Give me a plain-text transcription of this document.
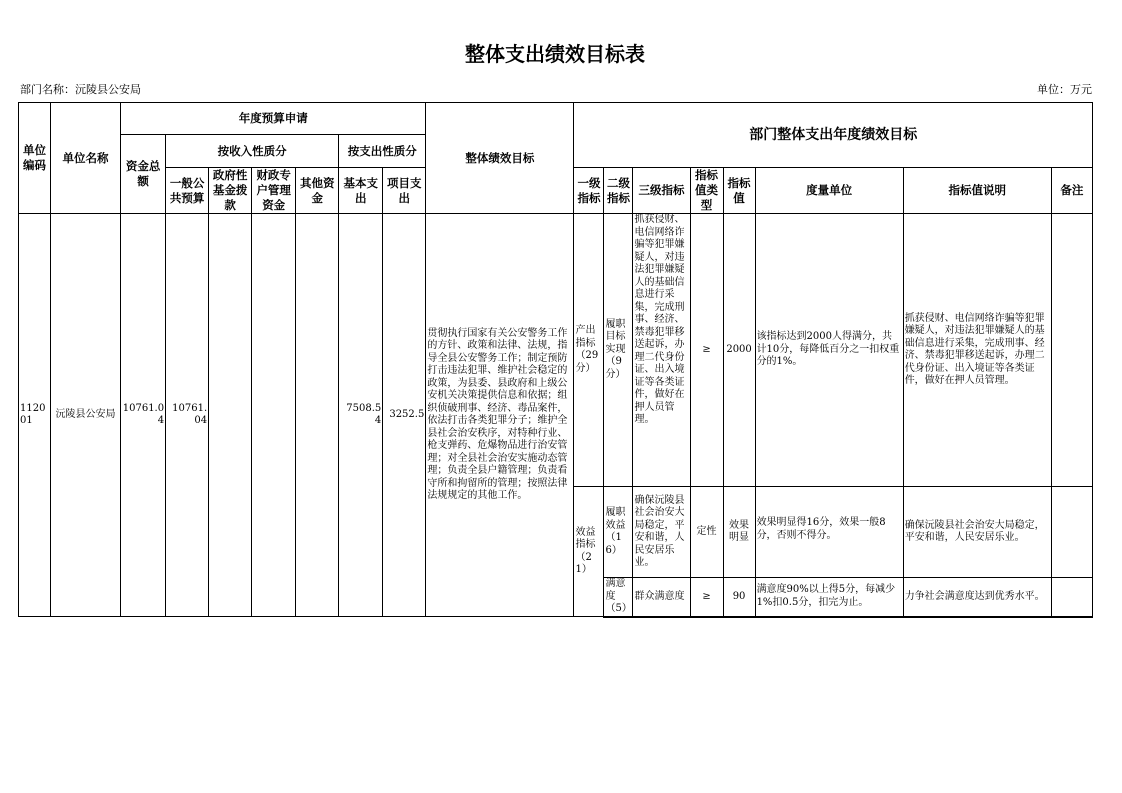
整体支出绩效目标表
部门名称：沅陵县公安局	单位：万元
单位编码	单位名称	年度预算申请							整体绩效目标	部门整体支出年度绩效目标							
		资金总额	按收入性质分				按支出性质分										
			一般公共预算	政府性基金拨款	财政专户管理资金	其他资金	基本支出	项目支出		一级指标	二级指标	三级指标	指标值类型	指标值	度量单位	指标值说明	备注
112001	沅陵县公安局	10761.04	10761.04				7508.54	3252.5	贯彻执行国家有关公安警务工作的方针、政策和法律、法规，指导全县公安警务工作；制定预防打击违法犯罪、维护社会稳定的政策，为县委、县政府和上级公安机关决策提供信息和依据；组织侦破刑事、经济、毒品案件，依法打击各类犯罪分子；维护全县社会治安秩序，对特种行业、枪支弹药、危爆物品进行治安管理；对全县社会治安实施动态管理；负责全县户籍管理；负责看守所和拘留所的管理；按照法律法规规定的其他工作。	产出指标（29分）	履职目标实现（9分）	抓获侵财、电信网络诈骗等犯罪嫌疑人，对违法犯罪嫌疑人的基础信息进行采集，完成刑事、经济、禁毒犯罪移送起诉，办理二代身份证、出入境证等各类证件，做好在押人员管理。	≥	2000	该指标达到2000人得满分，共计10分，每降低百分之一扣权重分的1%。	抓获侵财、电信网络诈骗等犯罪嫌疑人，对违法犯罪嫌疑人的基础信息进行采集，完成刑事、经济、禁毒犯罪移送起诉，办理二代身份证、出入境证等各类证件，做好在押人员管理。	
										效益指标（21）	履职效益（16）	确保沅陵县社会治安大局稳定，平安和谐，人民安居乐业。	定性	效果明显	效果明显得16分，效果一般8分，否则不得分。	确保沅陵县社会治安大局稳定，平安和谐，人民安居乐业。	
											满意度（5）	群众满意度	≥	90	满意度90%以上得5分，每减少1%扣0.5分，扣完为止。	力争社会满意度达到优秀水平。	
